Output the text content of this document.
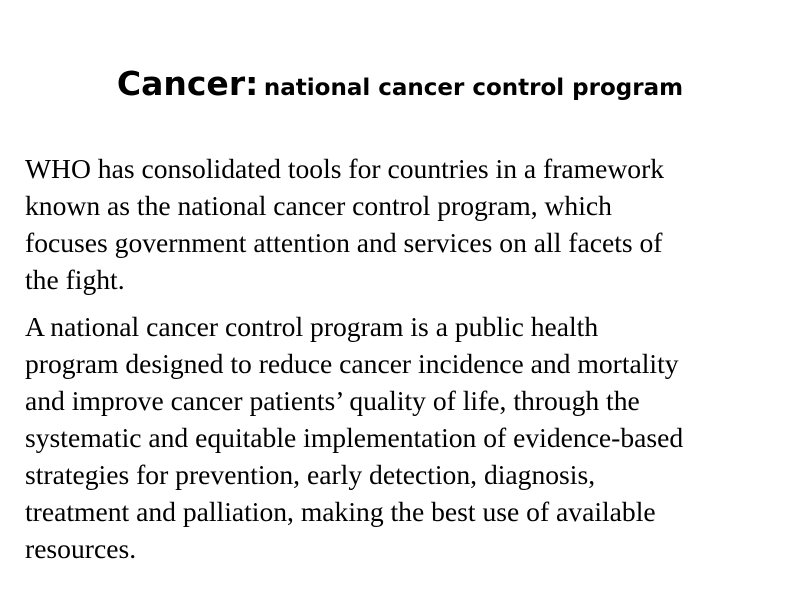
Cancer: national cancer control program

WHO has consolidated tools for countries in a framework
known as the national cancer control program, which
focuses government attention and services on all facets of
the fight.

A national cancer control program is a public health
program designed to reduce cancer incidence and mortality
and improve cancer patients’ quality of life, through the
systematic and equitable implementation of evidence-based
strategies for prevention, early detection, diagnosis,
treatment and palliation, making the best use of available
resources.
